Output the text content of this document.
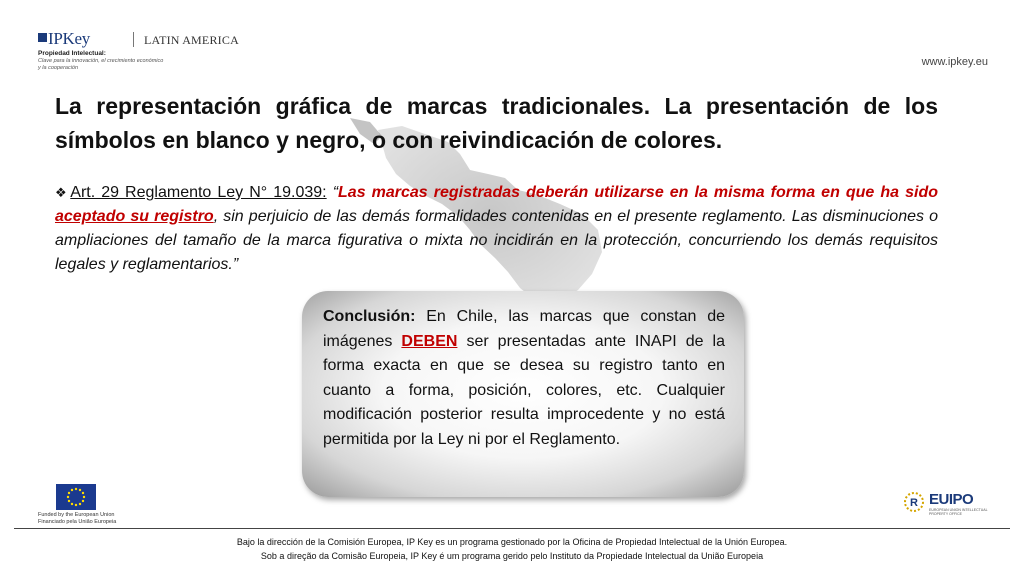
IPKey	LATIN AMERICA
Propiedad Intelectual:
Clave para la innovación, el crecimiento económico
y la cooperación	www.ipkey.eu
La representación gráfica de marcas tradicionales. La presentación de los símbolos en blanco y negro, o con reivindicación de colores.

❖ Art. 29 Reglamento Ley N° 19.039: “Las marcas registradas deberán utilizarse en la misma forma en que ha sido aceptado su registro, sin perjuicio de las demás formalidades contenidas en el presente reglamento. Las disminuciones o ampliaciones del tamaño de la marca figurativa o mixta no incidirán en la protección, concurriendo los demás requisitos legales y reglamentarios.”

Conclusión: En Chile, las marcas que constan de imágenes DEBEN ser presentadas ante INAPI de la forma exacta en que se desea su registro tanto en cuanto a forma, posición, colores, etc. Cualquier modificación posterior resulta improcedente y no está permitida por la Ley ni por el Reglamento.

Funded by the European Union
Financiado pela União Europeia
R EUIPO
EUROPEAN UNION INTELLECTUAL PROPERTY OFFICE
Bajo la dirección de la Comisión Europea, IP Key es un programa gestionado por la Oficina de Propiedad Intelectual de la Unión Europea.
Sob a direção da Comisão Europeia, IP Key é um programa gerido pelo Instituto da Propiedade Intelectual da União Europeia
